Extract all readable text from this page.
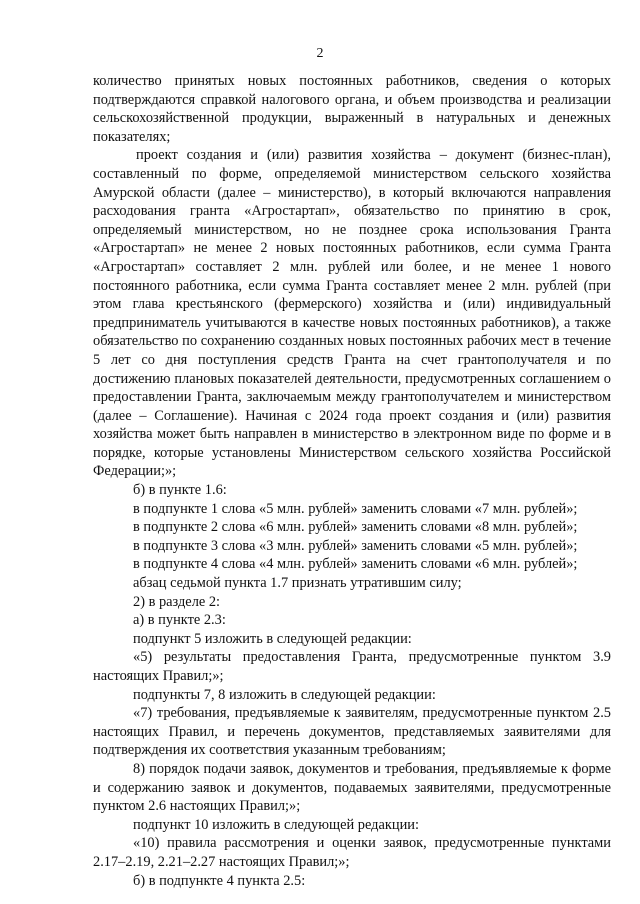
2

количество принятых новых постоянных работников, сведения о которых подтверждаются справкой налогового органа, и объем производства и реализации сельскохозяйственной продукции, выраженный в натуральных и денежных показателях;

проект создания и (или) развития хозяйства – документ (бизнес-план), составленный по форме, определяемой министерством сельского хозяйства Амурской области (далее – министерство), в который включаются направления расходования гранта «Агростартап», обязательство по принятию в срок, определяемый министерством, но не позднее срока использования Гранта «Агростартап» не менее 2 новых постоянных работников, если сумма Гранта «Агростартап» составляет 2 млн. рублей или более, и не менее 1 нового постоянного работника, если сумма Гранта составляет менее 2 млн. рублей (при этом глава крестьянского (фермерского) хозяйства и (или) индивидуальный предприниматель учитываются в качестве новых постоянных работников), а также обязательство по сохранению созданных новых постоянных рабочих мест в течение 5 лет со дня поступления средств Гранта на счет грантополучателя и по достижению плановых показателей деятельности, предусмотренных соглашением о предоставлении Гранта, заключаемым между грантополучателем и министерством (далее – Соглашение). Начиная с 2024 года проект создания и (или) развития хозяйства может быть направлен в министерство в электронном виде по форме и в порядке, которые установлены Министерством сельского хозяйства Российской Федерации;»;

б) в пункте 1.6:

в подпункте 1 слова «5 млн. рублей» заменить словами «7 млн. рублей»;

в подпункте 2 слова «6 млн. рублей» заменить словами «8 млн. рублей»;

в подпункте 3 слова «3 млн. рублей» заменить словами «5 млн. рублей»;

в подпункте 4 слова «4 млн. рублей» заменить словами «6 млн. рублей»;

абзац седьмой пункта 1.7 признать утратившим силу;

2) в разделе 2:

а) в пункте 2.3:

подпункт 5 изложить в следующей редакции:

«5) результаты предоставления Гранта, предусмотренные пунктом 3.9 настоящих Правил;»;

подпункты 7, 8 изложить в следующей редакции:

«7) требования, предъявляемые к заявителям, предусмотренные пунктом 2.5 настоящих Правил, и перечень документов, представляемых заявителями для подтверждения их соответствия указанным требованиям;

8) порядок подачи заявок, документов и требования, предъявляемые к форме и содержанию заявок и документов, подаваемых заявителями, предусмотренные пунктом 2.6 настоящих Правил;»;

подпункт 10 изложить в следующей редакции:

«10) правила рассмотрения и оценки заявок, предусмотренные пунктами 2.17–2.19, 2.21–2.27 настоящих Правил;»;

б) в подпункте 4 пункта 2.5:
